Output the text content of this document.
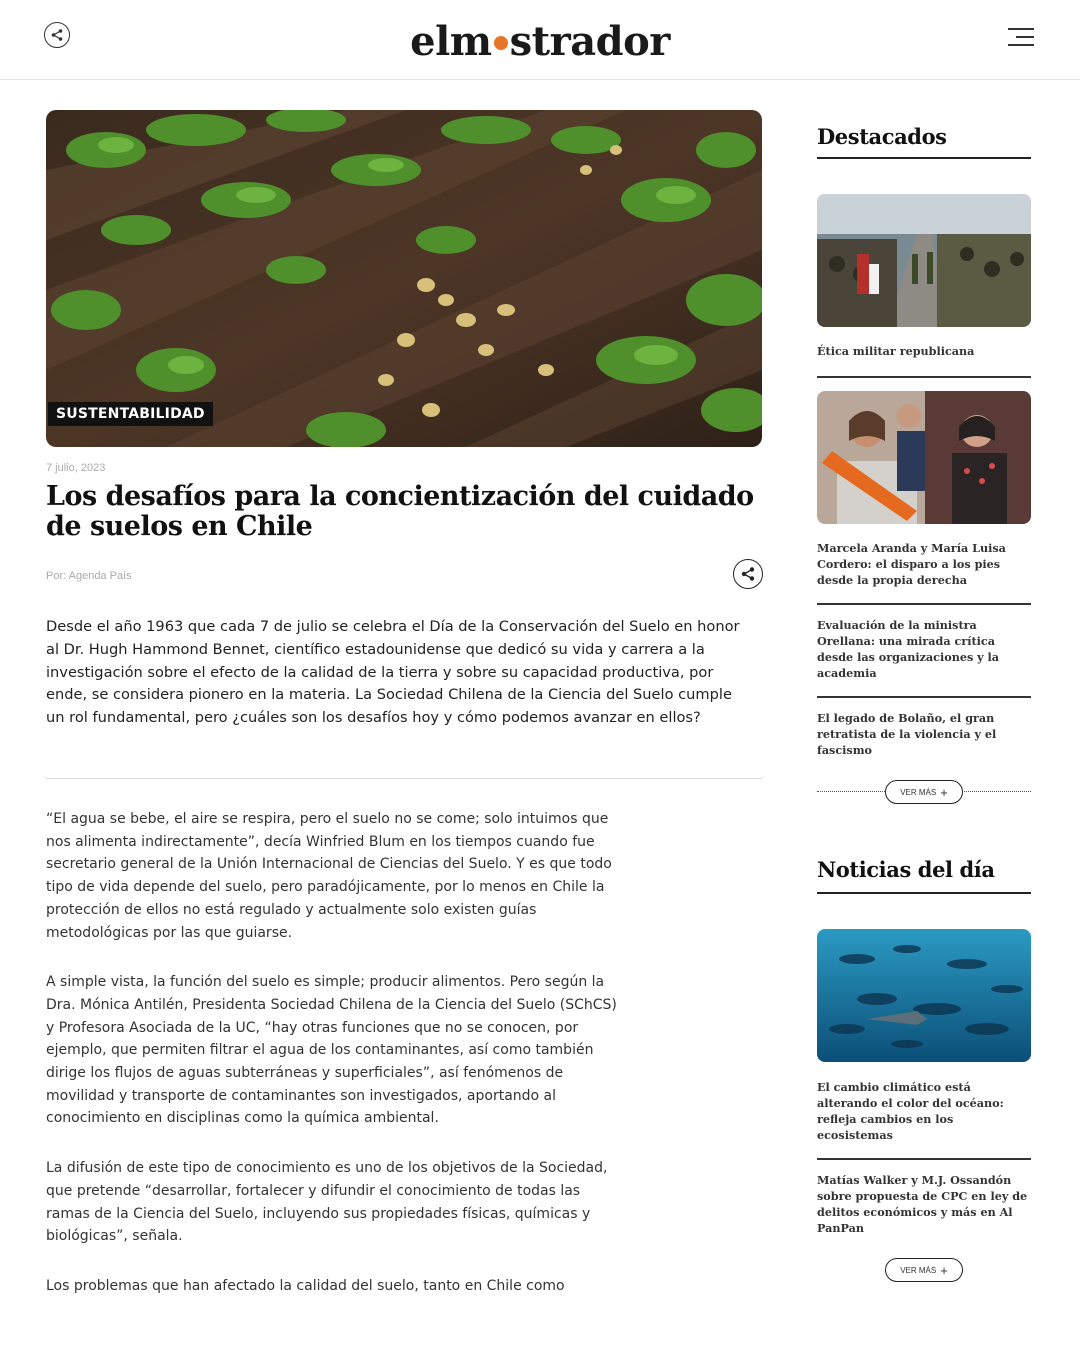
elm strador
SUSTENTABILIDAD
7 julio, 2023
Los desafíos para la concientización del cuidado de suelos en Chile
Por: Agenda País

Desde el año 1963 que cada 7 de julio se celebra el Día de la Conservación del Suelo en honor al Dr. Hugh Hammond Bennet, científico estadounidense que dedicó su vida y carrera a la investigación sobre el efecto de la calidad de la tierra y sobre su capacidad productiva, por ende, se considera pionero en la materia. La Sociedad Chilena de la Ciencia del Suelo cumple un rol fundamental, pero ¿cuáles son los desafíos hoy y cómo podemos avanzar en ellos?

“El agua se bebe, el aire se respira, pero el suelo no se come; solo intuimos que nos alimenta indirectamente”, decía Winfried Blum en los tiempos cuando fue secretario general de la Unión Internacional de Ciencias del Suelo. Y es que todo tipo de vida depende del suelo, pero paradójicamente, por lo menos en Chile la protección de ellos no está regulado y actualmente solo existen guías metodológicas por las que guiarse.

A simple vista, la función del suelo es simple; producir alimentos. Pero según la Dra. Mónica Antilén, Presidenta Sociedad Chilena de la Ciencia del Suelo (SChCS) y Profesora Asociada de la UC, “hay otras funciones que no se conocen, por ejemplo, que permiten filtrar el agua de los contaminantes, así como también dirige los flujos de aguas subterráneas y superficiales”, así fenómenos de movilidad y transporte de contaminantes son investigados, aportando al conocimiento en disciplinas como la química ambiental.

La difusión de este tipo de conocimiento es uno de los objetivos de la Sociedad, que pretende “desarrollar, fortalecer y difundir el conocimiento de todas las ramas de la Ciencia del Suelo, incluyendo sus propiedades físicas, químicas y biológicas”, señala.

Los problemas que han afectado la calidad del suelo, tanto en Chile como

Destacados
Ética militar republicana
Marcela Aranda y María Luisa Cordero: el disparo a los pies desde la propia derecha
Evaluación de la ministra Orellana: una mirada crítica desde las organizaciones y la academia
El legado de Bolaño, el gran retratista de la violencia y el fascismo
VER MÁS +
Noticias del día
El cambio climático está alterando el color del océano: refleja cambios en los ecosistemas
Matías Walker y M.J. Ossandón sobre propuesta de CPC en ley de delitos económicos y más en Al PanPan
VER MÁS +
